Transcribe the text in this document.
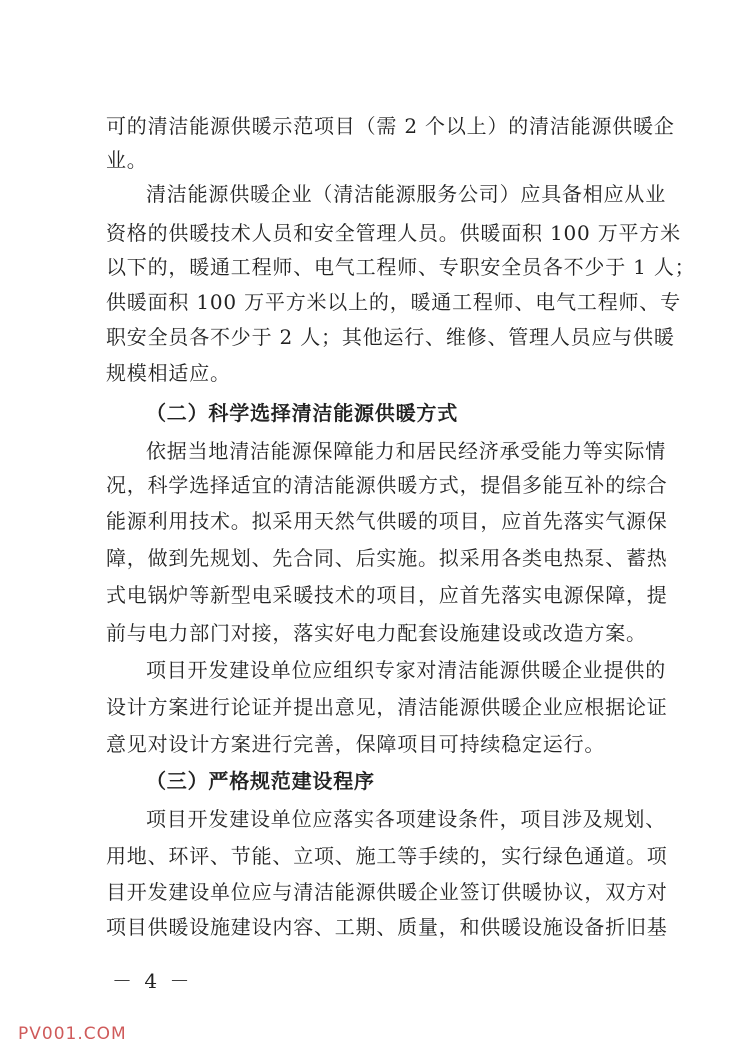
可的清洁能源供暖示范项目（需 2 个以上）的清洁能源供暖企
业。
清洁能源供暖企业（清洁能源服务公司）应具备相应从业
资格的供暖技术人员和安全管理人员。供暖面积 100 万平方米
以下的，暖通工程师、电气工程师、专职安全员各不少于 1 人；
供暖面积 100 万平方米以上的，暖通工程师、电气工程师、专
职安全员各不少于 2 人；其他运行、维修、管理人员应与供暖
规模相适应。
（二）科学选择清洁能源供暖方式
依据当地清洁能源保障能力和居民经济承受能力等实际情
况，科学选择适宜的清洁能源供暖方式，提倡多能互补的综合
能源利用技术。拟采用天然气供暖的项目，应首先落实气源保
障，做到先规划、先合同、后实施。拟采用各类电热泵、蓄热
式电锅炉等新型电采暖技术的项目，应首先落实电源保障，提
前与电力部门对接，落实好电力配套设施建设或改造方案。
项目开发建设单位应组织专家对清洁能源供暖企业提供的
设计方案进行论证并提出意见，清洁能源供暖企业应根据论证
意见对设计方案进行完善，保障项目可持续稳定运行。
（三）严格规范建设程序
项目开发建设单位应落实各项建设条件，项目涉及规划、
用地、环评、节能、立项、施工等手续的，实行绿色通道。项
目开发建设单位应与清洁能源供暖企业签订供暖协议，双方对
项目供暖设施建设内容、工期、质量，和供暖设施设备折旧基
－ 4 －
PV001.COM
